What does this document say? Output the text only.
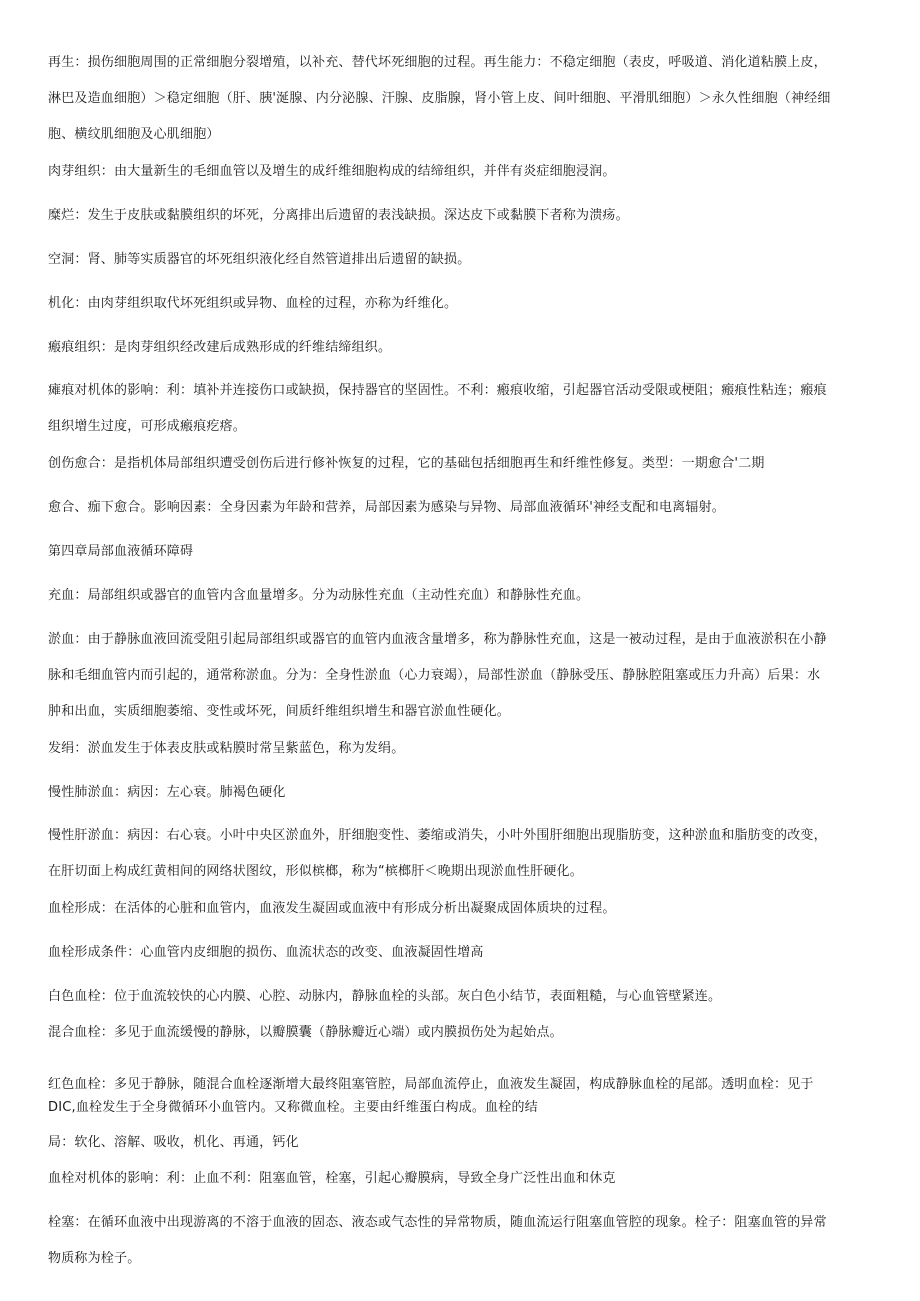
再生：损伤细胞周围的正常细胞分裂增殖，以补充、替代坏死细胞的过程。再生能力：不稳定细胞（表皮，呼吸道、消化道粘膜上皮，
淋巴及造血细胞）＞稳定细胞（肝、胰'涎腺、内分泌腺、汗腺、皮脂腺，肾小管上皮、间叶细胞、平滑肌细胞）＞永久性细胞（神经细
胞、横纹肌细胞及心肌细胞）
肉芽组织：由大量新生的毛细血管以及增生的成纤维细胞构成的结缔组织，并伴有炎症细胞浸润。
糜烂：发生于皮肤或黏膜组织的坏死，分离排出后遗留的表浅缺损。深达皮下或黏膜下者称为溃疡。
空洞：肾、肺等实质器官的坏死组织液化经自然管道排出后遗留的缺损。
机化：由肉芽组织取代坏死组织或异物、血栓的过程，亦称为纤维化。
瘢痕组织：是肉芽组织经改建后成熟形成的纤维结缔组织。
瘫痕对机体的影响：利：填补并连接伤口或缺损，保持器官的坚固性。不利：瘢痕收缩，引起器官活动受限或梗阻；瘢痕性粘连；瘢痕
组织增生过度，可形成瘢痕疙瘩。
创伤愈合：是指机体局部组织遭受创伤后进行修补恢复的过程，它的基础包括细胞再生和纤维性修复。类型：一期愈合'二期
愈合、痂下愈合。影响因素：全身因素为年龄和营养，局部因素为感染与异物、局部血液循环'神经支配和电离辐射。
第四章局部血液循环障碍
充血：局部组织或器官的血管内含血量增多。分为动脉性充血（主动性充血）和静脉性充血。
淤血：由于静脉血液回流受阻引起局部组织或器官的血管内血液含量增多，称为静脉性充血，这是一被动过程，是由于血液淤积在小静
脉和毛细血管内而引起的，通常称淤血。分为：全身性淤血（心力衰竭），局部性淤血（静脉受压、静脉腔阻塞或压力升高）后果：水
肿和出血，实质细胞萎缩、变性或坏死，间质纤维组织增生和器官淤血性硬化。
发绢：淤血发生于体表皮肤或粘膜时常呈紫蓝色，称为发绢。
慢性肺淤血：病因：左心衰。肺褐色硬化
慢性肝淤血：病因：右心衰。小叶中央区淤血外，肝细胞变性、萎缩或消失，小叶外围肝细胞出现脂肪变，这种淤血和脂肪变的改变，
在肝切面上构成红黄相间的网络状图纹，形似槟榔，称为“槟榔肝＜晚期出现淤血性肝硬化。
血栓形成：在活体的心脏和血管内，血液发生凝固或血液中有形成分析出凝聚成固体质块的过程。
血栓形成条件：心血管内皮细胞的损伤、血流状态的改变、血液凝固性增高
白色血栓：位于血流较快的心内膜、心腔、动脉内，静脉血栓的头部。灰白色小结节，表面粗糙，与心血管壁紧连。
混合血栓：多见于血流缓慢的静脉，以瓣膜囊（静脉瓣近心端）或内膜损伤处为起始点。
红色血栓：多见于静脉，随混合血栓逐渐增大最终阻塞管腔，局部血流停止，血液发生凝固，构成静脉血栓的尾部。透明血栓：见于
DIC,血栓发生于全身微循环小血管内。又称微血栓。主要由纤维蛋白构成。血栓的结
局：软化、溶解、吸收，机化、再通，钙化
血栓对机体的影响：利：止血不利：阻塞血管，栓塞，引起心瓣膜病，导致全身广泛性出血和休克
栓塞：在循环血液中出现游离的不溶于血液的固态、液态或气态性的异常物质，随血流运行阻塞血管腔的现象。栓子：阻塞血管的异常
物质称为栓子。
